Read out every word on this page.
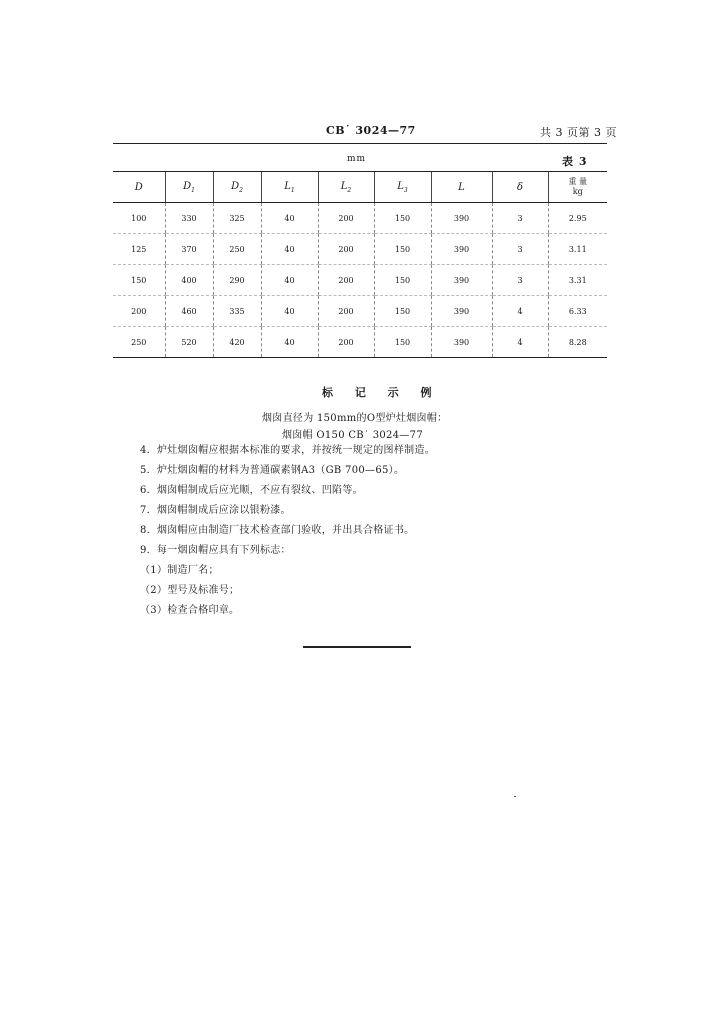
CB˙ 3024—77	共 3 页第 3 页
mm	表 3
D	$D_1$	$D_2$	$L_1$	$L_2$	$L_3$	L	δ	重 量
kg

100	330	325	40	200	150	390	3	2.95
125	370	250	40	200	150	390	3	3.11
150	400	290	40	200	150	390	3	3.31
200	460	335	40	200	150	390	4	6.33
250	520	420	40	200	150	390	4	8.28
标 记 示 例
烟囱直径为 150mm的O型炉灶烟囱帽：
烟囱帽 O150 CB˙ 3024—77
4．炉灶烟囱帽应根据本标准的要求，并按统一规定的图样制造。
5．炉灶烟囱帽的材料为普通碳素钢A3（GB 700—65）。
6．烟囱帽制成后应光顺，不应有裂纹、凹陷等。
7．烟囱帽制成后应涂以银粉漆。
8．烟囱帽应由制造厂技术检查部门验收，并出具合格证书。
9．每一烟囱帽应具有下列标志：
（1）制造厂名；
（2）型号及标准号；
（3）检查合格印章。
